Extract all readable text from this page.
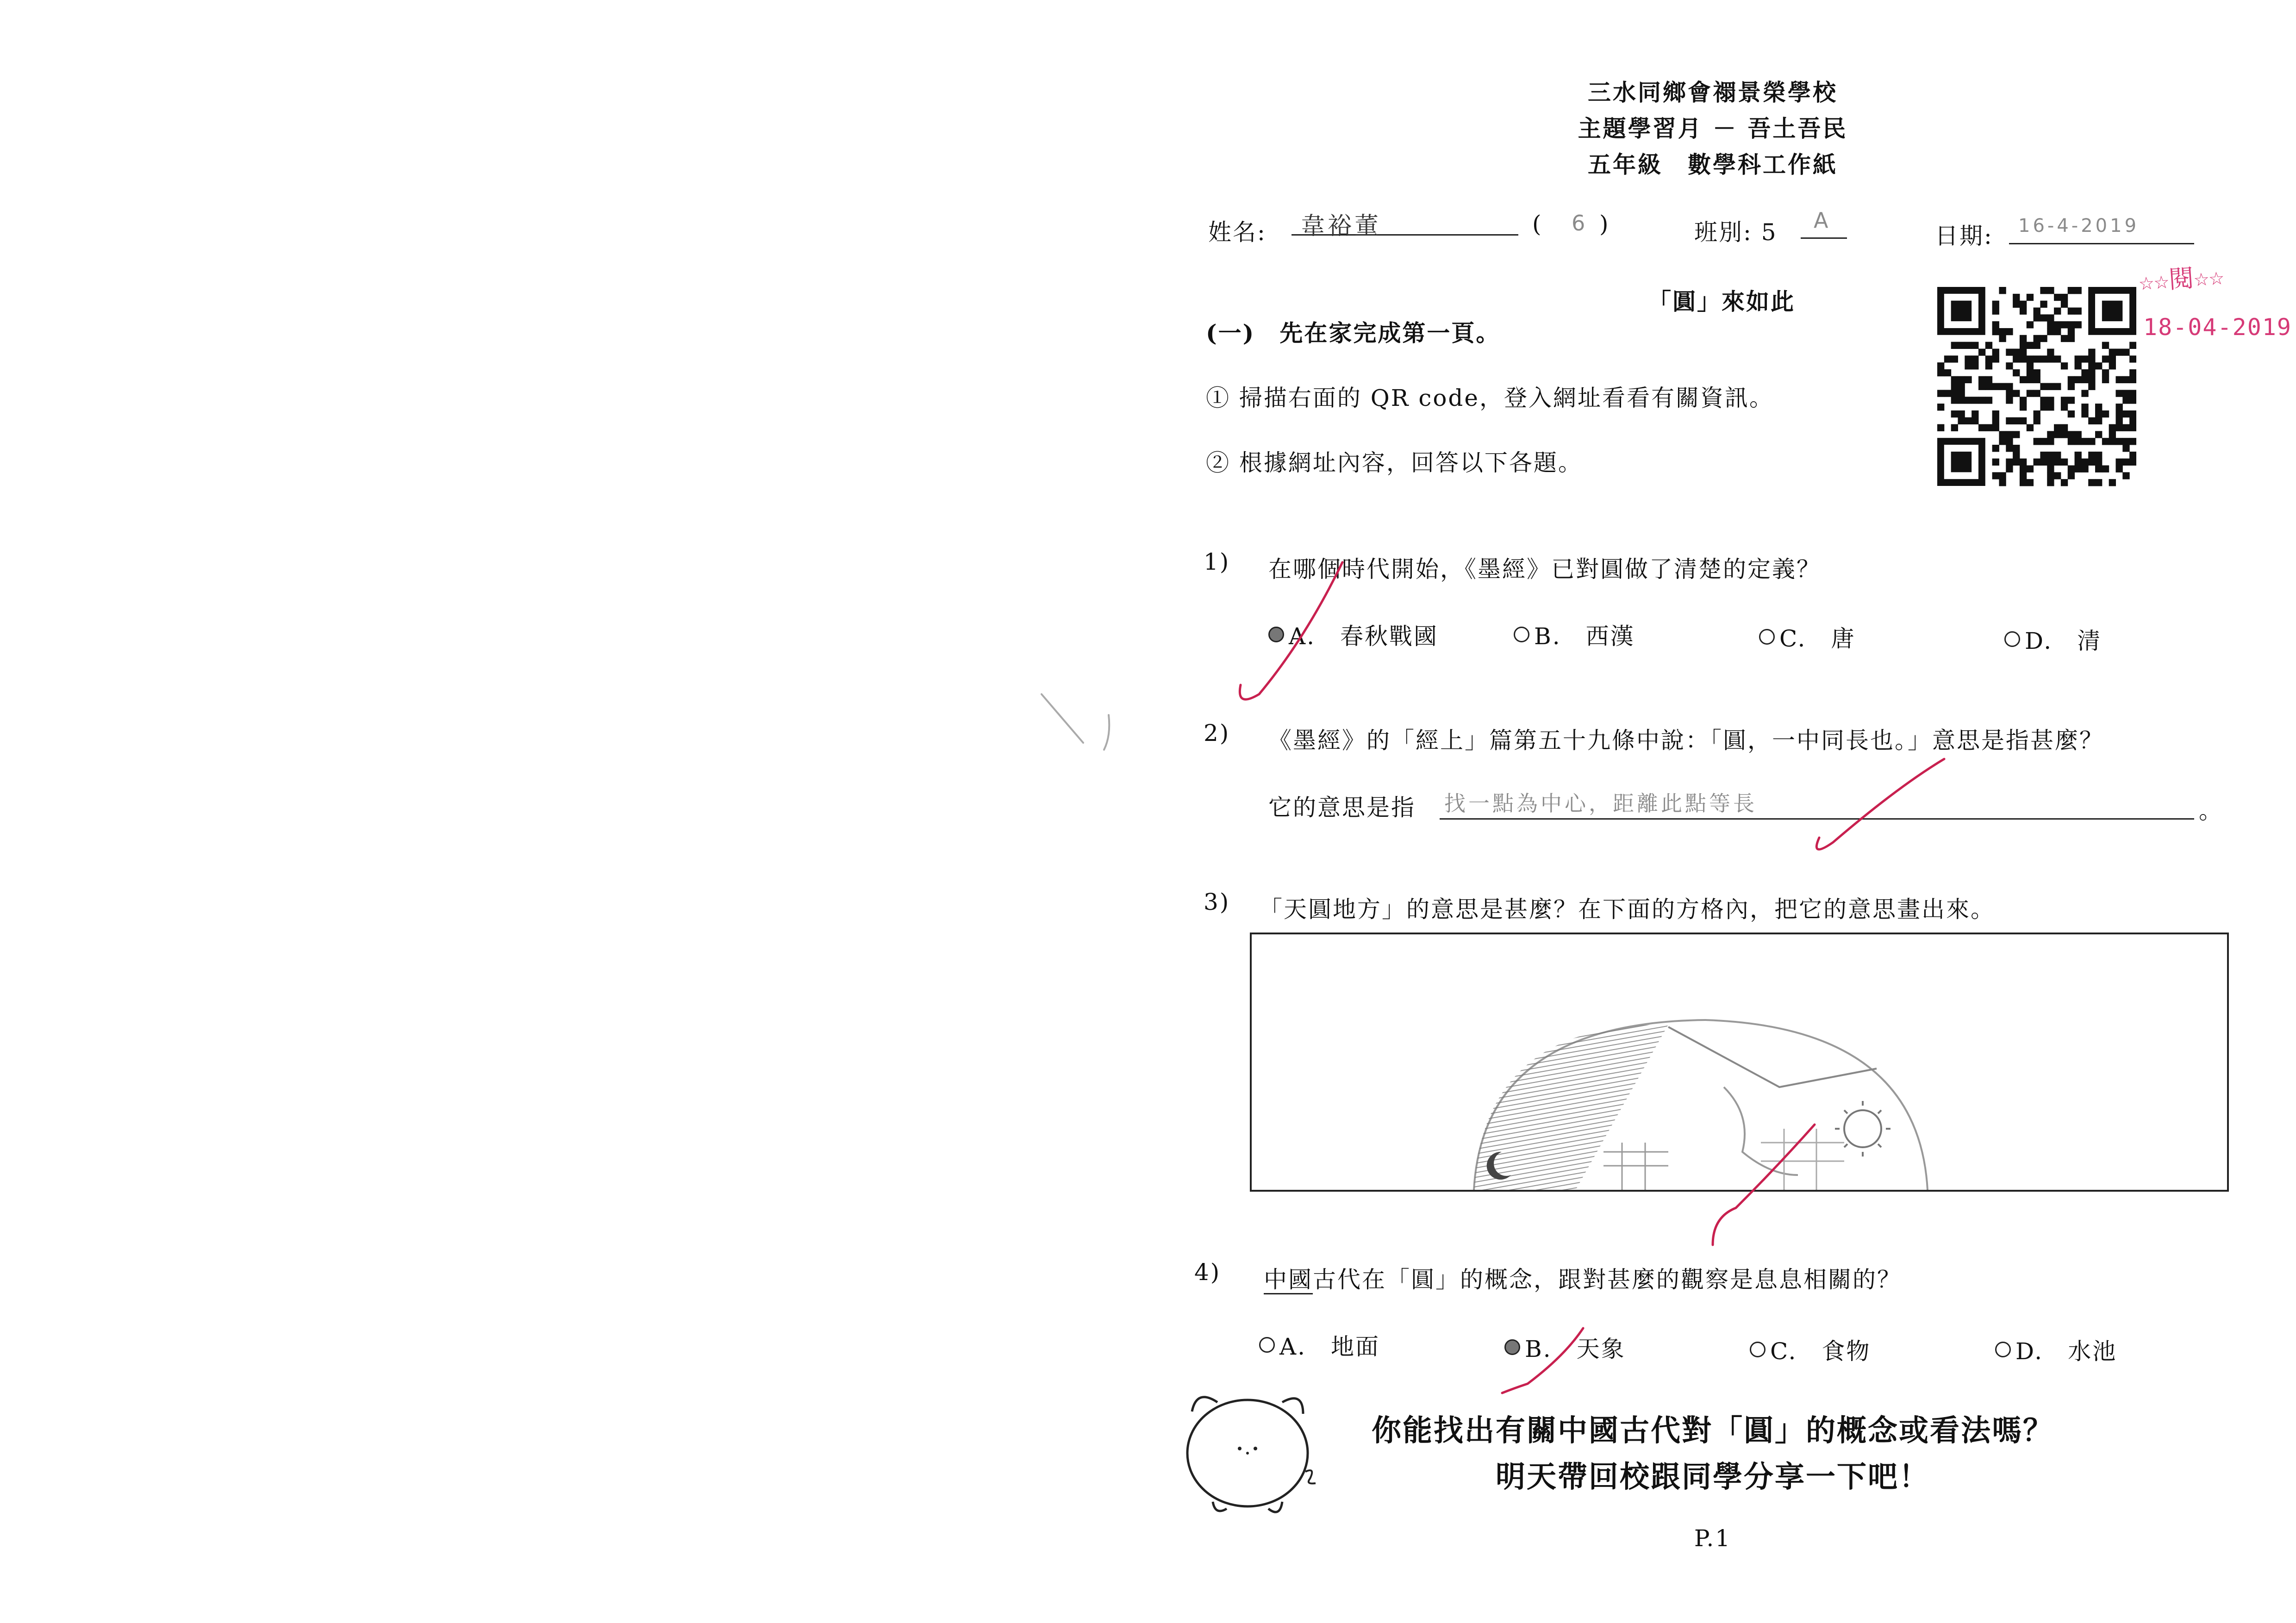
三水同鄉會禤景榮學校
主題學習月 － 吾土吾民
五年級　數學科工作紙
姓名: 韋裕董	( 6 )	班別: 5 A
日期: 16-4-2019
「圓」來如此
☆☆閱☆☆
18-04-2019
(一)　先在家完成第一頁。
① 掃描右面的 QR code，登入網址看看有關資訊。
② 根據網址內容，回答以下各題。
1) 在哪個時代開始，《墨經》已對圓做了清楚的定義？
A.　春秋戰國	B.　西漢	C.　唐	D.　清
2) 《墨經》的「經上」篇第五十九條中說：「圓，一中同長也。」意思是指甚麼？
它的意思是指 找一點為中心，距離此點等長	。
3) 「天圓地方」的意思是甚麼？在下面的方格內，把它的意思畫出來。
4) 中國古代在「圓」的概念，跟對甚麼的觀察是息息相關的？
A.　地面	B.　天象	C.　食物	D.　水池
你能找出有關中國古代對「圓」的概念或看法嗎？
明天帶回校跟同學分享一下吧！
P.1
